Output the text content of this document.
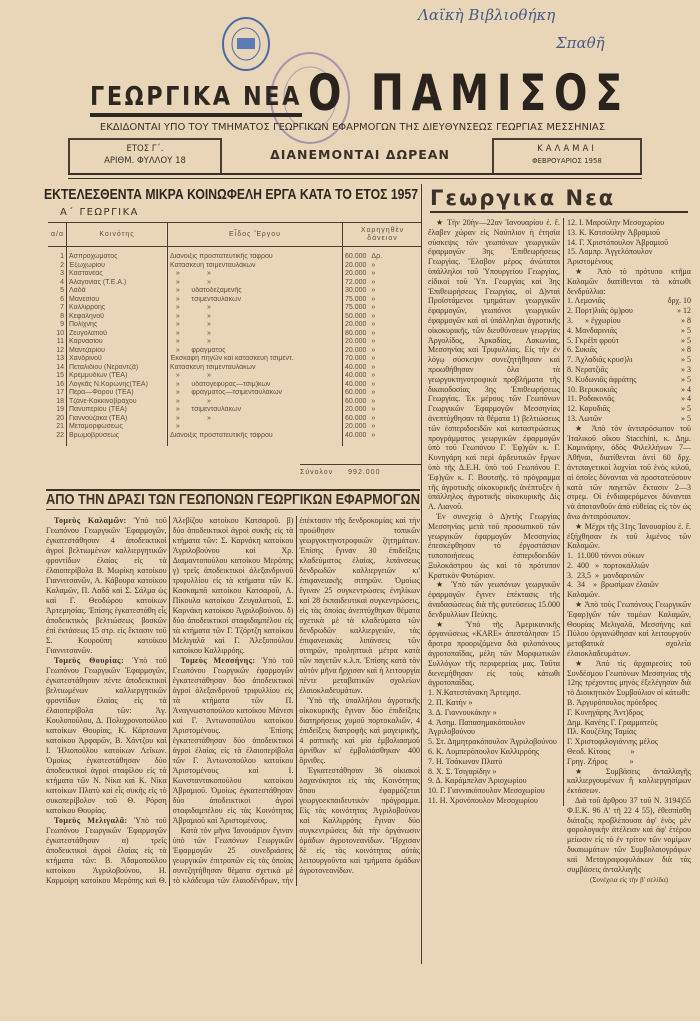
Λαϊκὴ Βιβλιοθήκη
Σπαθῆ
ΓΕΩΡΓΙΚΑ ΝΕΑ Ο ΠΑΜΙΣΟΣ
ΕΚΔΙΔΟΝΤΑΙ ΥΠΟ ΤΟΥ ΤΜΗΜΑΤΟΣ ΓΕΩΡΓΙΚΩΝ ΕΦΑΡΜΟΓΩΝ ΤΗΣ ΔΙΕΥΘΥΝΣΕΩΣ ΓΕΩΡΓΙΑΣ ΜΕΣΣΗΝΙΑΣ
ΕΤΟΣ Γ΄.
ΑΡΙΘΜ. ΦΥΛΛΟΥ 18
ΚΑΛΑΜΑΙ
ΦΕΒΡΟΥΑΡΙΟΣ 1958
ΔΙΑΝΕΜΟΝΤΑΙ ΔΩΡΕΑΝ
ΕΚΤΕΛΕΣΘΕΝΤΑ ΜΙΚΡΑ ΚΟΙΝΩΦΕΛΗ ΕΡΓΑ ΚΑΤΑ ΤΟ ΕΤΟΣ 1957
Α΄ ΓΕΩΡΓΙΚΑ
α/α	Κοινότης	Εἶδος Ἔργου	Χορηγηθὲν δάνειον

1	Ἀσπροχώματος	Διάνοιξις προστατευτικῆς τάφρου	60.000 Δρ.
2	Ἐξωχωρίου	Κατασκευὴ τσιμενταυλάκων	20.000 »
3	Καστανέας	»              »	20.000 »
4	Ἀλαγονίας (Τ.Ε.Α.)	»              »	72.000 »
5	Λαδᾶ	»      ὑδατοδεξαμενῆς	30.000 »
6	Μανεσίου	»      τσιμενταυλάκων	75.000 »
7	Καλλιρρόης	»              »	75.000 »
8	Κεφαληνοῦ	»              »	50.000 »
9	Πολίχνης	»              »	20.000 »
10	Ζευγολατιοῦ	»              »	80.000 »
11	Καρνασίου	»              »	20.000 »
12	Μαντζαρίου	»      φράγματος	20.000 »
13	Χανδρινοῦ	Ἐκσκαφὴ πηγῶν καὶ κατασκευὴ τσιμεντ.	70.000 »
14	Πεταλιδίου (Νεραντζᾶ)	Κατασκευὴ τσιμενταυλάκων	40.000 »
15	Κρεμμυδίων (ΤΕΑ)	»              »	40.000 »
16	Λογκᾶς Ν.Κορώνης(ΤΕΑ)	»      ὑδατογεφύρας—τσιμ)κων	40.000 »
17	Πέρα—Φόρου (ΤΕΑ)	»      φράγματος—τσιμενταυλάκων	60.000 »
18	Τζάνε-Κοκκινοβράχου	»              »	60.000 »
19	Πανυπερίου (ΤΕΑ)	»      τσιμενταυλάκων	20.000 »
20	Γιαννούζακα (ΤΕΑ)	»              »	60.000 »
21	Μεταμορφώσεως	»	20.000 »
22	Βρωμοβρύσεως	Διάνοιξις προστατευτικῆς τάφρου	40.000 »

Σύνολον 992.000
ΑΠΟ ΤΗΝ ΔΡΑΣΙ ΤΩΝ ΓΕΩΠΟΝΩΝ ΓΕΩΡΓΙΚΩΝ ΕΦΑΡΜΟΓΩΝ

Τομεὺς Καλαμῶν: Ὑπὸ τοῦ Γεωπόνου Γεωργικῶν Ἐφαρμογῶν, ἐγκατεστάθησαν 4 ἀποδεικτικοὶ ἀγροὶ βελτιωμένων καλλιεργητικῶν φροντίδων ἐλαίας εἰς τὰ ἐλαιοπερίβολα Β. Μωρίκη κατοίκου Γιαννιτσανῶν, Α. Κάβουρα κατοίκου Καλαμῶν, Π. Λαδᾶ καὶ Σ. Σάλμα ὡς καὶ Γ. Θεοδώρου κατοίκων Ἀρτεμησίας. Ἐπίσης ἐγκατεστάθη εἷς ἀποδεικτικὸς βελτιώσεως βοσκῶν ἐπὶ ἐκτάσεως 15 στρ. εἰς ἔκτασιν τοῦ Σ. Κουρούπη κατοίκου Γιαννιτσανῶν.

Τομεὺς Θουρίας: Ὑπὸ τοῦ Γεωπόνου Γεωργικῶν Ἐφαρμογῶν, ἐγκατεστάθησαν πέντε ἀποδεικτικοὶ βελτιωμένων καλλιεργητικῶν φροντίδων ἐλαίας εἰς τὰ ἐλαιοπερίβολα τῶν: Ἀγ. Κουλοπούλου, Δ. Πολυχρονοπούλου κατοίκων Θουρίας, Κ. Κάρτσωνα κατοίκου Ἀρφαρῶν, Β. Χάντζου καὶ Ι. Ἠλιοπούλου κατοίκων Λεΐκων. Ὁμοίως ἐγκατεστάθησαν δύο ἀποδεικτικοὶ ἀγροὶ σταφίλου εἰς τὰ κτήματα τῶν Ν. Νίκα καὶ Κ. Νίκα κατοίκων Πλατὺ καὶ εἷς συκῆς εἰς τὸ συκοπερίβολον τοῦ Θ. Ρόρση κατοίκου Θουρίας.

Τομεὺς Μελιγαλᾶ: Ὑπὸ τοῦ Γεωπόνου Γεωργικῶν Ἐφαρμογῶν ἐγκατεστάθησαν α) τρεῖς ἀποδεικτικοὶ ἀγροὶ ἐλαίας εἰς τὰ κτήματα τῶν: Β. Ἀδαμοπούλου κατοίκου Ἀγριλοβούνου, Η. Καρμοίρη κατοίκου Μερόπης καὶ Θ. Ἀλεβίζου κατοίκου Κατσαροῦ. β) δύο ἀποδεικτικοὶ ἀγροὶ συκῆς εἰς τὰ κτήματα τῶν: Σ. Καρνάκη κατοίκου Ἀγριλοβούνου καὶ Χρ. Διαμαντοπούλου κατοίκου Μερόπης γ) τρεῖς ἀποδεικτικοὶ ἀλεξανδρινοῦ τριφυλλίου εἰς τὰ κτήματα τῶν Κ. Κασκαμπᾶ κατοίκου Κατσαροῦ, Α. Πίκουλα κατοίκου Ζευγαλατιοῦ, Σ. Καρνάκη κατοίκου Ἀγριλοβούνου. δ) δύο ἀποδεικτικοὶ σταφιδαμπέλου εἰς τὰ κτήματα τῶν Γ. Τζόρτζη κατοίκου Μελιγαλᾶ καὶ Γ. Ἀλεξοπούλου κατοίκου Καλλιρρόης.

Τομεὺς Μεσσήνης: Ὑπὸ τοῦ Γεωπόνου Γεωργικῶν ἐφαρμογῶν ἐγκατεστάθησαν δύο ἀποδεικτικοὶ ἀγροὶ ἀλεξανδρινοῦ τριφυλλίου εἰς τὰ κτήματα τῶν Π. Ἀναγνωστοπούλου κατοίκου Μάνεσι καὶ Γ. Ἀντωνοπούλου κατοίκου Ἀριστομένους. Ἐπίσης ἐγκατεστάθησαν δύο ἀποδεικτικοὶ ἀγροὶ ἐλαίας εἰς τὰ ἐλαιοπερίβολα τῶν Γ. Ἀντωνοπούλου κατοίκου Ἀριστομένους καὶ Ι. Κωνσταντακοπούλου κατοίκου Ἀβραμιοῦ. Ὁμοίως ἐγκατεστάθησαν δύο ἀποδεικτικοὶ ἀγροὶ σταφιδαμπέλου εἰς τὰς Κοινότητας Ἀβραμιοῦ καὶ Ἀριστομένους.

Κατὰ τὸν μῆνα Ἰανουάριον ἔγιναν ὑπὸ τῶν Γεωπόνων Γεωργικῶν Ἐφαρμογῶν 25 συνεδριάσεις γεωργικῶν ἐπιτροπῶν εἰς τὰς ὁποίας συνεζητήθησαν θέματα σχετικὰ μὲ τὸ κλάδευμα τῶν ἐλαιοδένδρων, τὴν ἐπέκτασιν τῆς δενδροκομίας καὶ τὴν προώθησιν τοπικῶν γεωργοκτηνοτροφικῶν ζητημάτων. Ἐπίσης ἔγιναν 30 ἐπιδείξεις κλαδεύματος ἐλαίας, λιπάνσεως δενδρωδῶν καλλιεργειῶν κι' ἐπιφανειακῆς σιτηρῶν. Ὁμοίως ἔγιναν 25 συγκεντρώσεις ἐνηλίκων καὶ 28 ἐκπαιδευτικαὶ συγκεντρώσεις, εἰς τὰς ὁποίας ἀνεπτύχθηκαν θέματα σχετικὰ μὲ τὰ κλαδεύματα τῶν δενδρωδῶν καλλιεργειῶν, τὰς ἐπιφανειακὰς λιπάνσεις τῶν σιτηρῶν, προληπτικὰ μέτρα κατὰ τῶν παγετῶν κ.λ.π. Ἐπίσης κατὰ τὸν αὐτὸν μῆνα ἤρχισαν καὶ ἡ λειτουργία πέντε μεταβατικῶν σχολείων ἐλαιοκλαδευμάτων.

Ὑπὸ τῆς ὑπαλλήλου ἀγροτικῆς οἰκοκυρικῆς ἔγιναν δύο ἐπιδείξεις διατηρήσεως χυμοῦ πορτοκαλιῶν, 4 ἐπιδείξεις διατροφῆς καὶ μαγειρικῆς, 4 ραπτικῆς καὶ μία ἐμβολιασμοῦ ὀρνίθων κι' ἐμβολιάσθηκαν 400 ὄρνιθες.

Ἐγκατεστάθησαν 36 οἰκιακοὶ λαχανόκηποι εἰς τὰς Κοινότητας ὅπου ἐφαρμόζεται γεωργοεκπαιδευτικὸν πρόγραμμα. Εἰς τὰς κοινότητας Ἀγριλοβούνου καὶ Καλλιρρόης ἔγιναν δύο συγκεντρώσεις διὰ τὴν ὀργάνωσιν ὁμάδων ἀγροτονεανίδων. Ἤρχισαν δὲ εἰς τὰς κοινότητας αὐτὰς λειτουργοῦντα καὶ τμήματα ὁμάδων ἀγροτονεανίδων.

Γεωργικα Νεα

★ Τὴν 20ὴν—22αν Ἰανουαρίου ἐ. ἔ. ἔλαβεν χώραν εἰς Ναύπλιον ἡ ἐτησία σύσκεψις τῶν γεωπόνων γεωργικῶν ἐφαρμογῶν 3ης Ἐπιθεωρήσεως Γεωργίας. Ἔλαβον μέρος ἀνώτατοι ὑπάλληλοι τοῦ Ὑπουργείου Γεωργίας, εἰδικοὶ τοῦ Ὑπ. Γεωργίας καὶ 3ης Ἐπιθεωρήσεως Γεωργίας, οἱ Δ)νταὶ Προϊστάμενοι τμημάτων γεωργικῶν ἐφαρμογῶν, γεωπόνοι γεωργικῶν ἐφαρμογῶν καὶ αἱ ὑπάλληλαι ἀγροτικῆς οἰκοκυρικῆς, τῶν διευθύνσεων γεωργίας Ἀργολίδος, Ἀρκαδίας, Λακωνίας, Μεσσηνίας καὶ Τριφυλλίας. Εἰς τὴν ἐν λόγῳ σύσκεψιν συνεζητήθησαν καὶ προωθήθησαν ὅλα τὰ γεωργοκτηνοτροφικὰ προβλήματα τῆς δικαιοδοσίας 3ης Ἐπιθεωρήσεως Γεωργίας. Ἐκ μέρους τῶν Γεωπόνων Γεωργικῶν Ἐφαρμογῶν Μεσσηνίας ἀνεπτύχθησαν τὰ θέματα 1) βελτιώσεως τῶν ἐσπεριδοειδῶν καὶ καταστρώσεως προγράμματος γεωργικῶν ἐφαρμογῶν ὑπὸ τοῦ Γεωπόνου Γ. Ἐφ)γῶν κ. Γ. Κυνηγάρη καὶ περὶ ἀρδευτικῶν ἔργων ὑπὸ τῆς Δ.Ε.Η. ὑπὸ τοῦ Γεωπόνου Γ. Ἐφ)γῶν κ. Γ. Βουτσῆς. τὸ πρόγραμμα τῆς ἀγροτικῆς οἰκοκυρικῆς ἀνέπτυξεν ἡ ὑπάλληλος ἀγροτικῆς οἰκοκυρικῆς Δὶς Α. Λιανοῦ.

Ἐν συνεχείᾳ ὁ Δ)ντὴς Γεωργίας Μεσσηνίας μετὰ τοῦ προσωπικοῦ τῶν γεωργικῶν ἐφαρμογῶν Μεσσηνίας ἐπεσκέφθησαν τὸ ἐργοστάσιον τυποποιήσεως ἐσπεριδοειδῶν Ξυλοκάστρου ὡς καὶ τὸ πρότυπον Κρατικὸν Φυτώριον.

★ Ὑπὸ τῶν γεωπόνων γεωργικῶν ἐφαρμογῶν ἔγινεν ἐπέκτασις τῆς ἀναδασώσεως διὰ τῆς φυτεύσεως 15.000 δενδρυλλίων Πεύκης.

★ Ὑπὸ τῆς Ἀμερικανικῆς ὀργανώσεως «KARE» ἀπεστάλησαν 15 ἄροτρα προοριζόμενα διὰ φιλοπόνους ἀγροτοπαῖδας, μέλη τῶν Μορφωτικῶν Συλλόγων τῆς περιφερείας μας. Ταῦτα διενεμήθησαν εἰς τοὺς κάτωθι ἀγροτοπαῖδας.

1. Ν.Κατεστάνακη Ἀρτεμησ.
2. Π. Κατὴν »
3. Δ. Γιαννουκάκην »
4. Ἀσημ. Παπασημακόπουλον Ἀγριλοβούνου
5. Στ. Δημητρακόπουλον Ἀγριλοβούνου
6. Κ. Λυμπερόπουλον Καλλιρρόης
7. Η. Τσάκωναν Πλατὺ
8. Χ. Σ. Τσιγαρίδην »
9. Δ. Καράμπελαν Ἀριοχωρίου
10. Γ. Γιαννακόπουλον Μεσοχωρίου
11. Η. Χρονόπουλον Μεσοχωρίου
12. Ι. Μαρούλην Μεσοχωρίου
13. Κ. Κατσούλην Ἀβραμιοῦ
14. Γ. Χριστόπουλον Ἀβραμιοῦ
15. Λαμπρ. Ἀγγελόπουλον Ἀριστομένους

★ Ἀπὸ τὸ πρότυπο κτῆμα Καλαμῶν διατίθενται τὰ κάτωθι δενδρύλλια:

1. Λεμονιᾶς	δρχ. 10
2. Πορτ)λιᾶς ὀμ)ρου	» 12
3.      » ἐγχωρίου	» 8
4. Μανδαρινιᾶς	» 5
5. Γκρέϊπ φρούτ	» 5
6. Συκιᾶς	» 8
7. Ἀχλαδιᾶς κρυσ)λι	» 5
8. Νερατζιᾶς	» 3
9. Κυδωνιᾶς ἀφράτης	» 5
10. Βερυκοκιᾶς	» 4
11. Ροδακινιᾶς	» 4
12. Καρυδιᾶς	» 5
13. Λωτῶν	» 5

★ Ἀπὸ τὸν ἀντιπρόσωπον τοῦ Ἰταλικοῦ οἴκου Stacchini, κ. Δημ. Καμινάρην, ὁδὸς Φιλελλήνων 7—Ἀθῆναι, διατίθενται ἀντὶ 60 δρχ. ἀντιπαγετικοὶ λυχνίαι τοῦ ἑνὸς κιλοῦ, αἱ ὁποῖες δύνανται νὰ προστατεύσουν κατὰ τῶν παγετῶν ἔκτασιν 2—3 στρεμ. Οἱ ἐνδιαφερόμενοι δύνανται νὰ ἀποτανθοῦν ἀπὸ εὐθείας εἰς τὸν ὡς ἄνω ἀντιπρόσωπον.

★ Μέχρι τῆς 31ης Ἰανουαρίου ἐ. ἔ. ἐξήχθησαν ἐκ τοῦ λιμένος τῶν Καλαμῶν.

1.  11.000 τόννοι σύκων
2.  400   »  πορτοκαλλιῶν
3.  23,5  »  μανδαρινιῶν
4.  34    »  βρωσίμων ἐλαιῶν Καλαμῶν.

★ Ἀπὸ τοὺς Γεωπόνους Γεωργικῶν Ἐφαρ)γῶν τῶν τομέων Καλαμῶν, Θουρίας Μελιγαλᾶ, Μεσσήνης καὶ Πύλου ὀργανώθησαν καὶ λειτουργοῦν μεταβατικὰ σχολεῖα ἐλαιοκλαδευμάτων.

★ Ἀπὸ τὶς ἀρχαιρεσίες τοῦ Συνδέσμου Γεωπόνων Μεσσηνίας τῆς 12ης τρέχοντος μηνὸς ἐξελέγησαν διὰ τὸ Διοικητικὸν Συμβούλιον οἱ κάτωθι:

Β. Ἀργυρόπουλος πρόεδρος
Γ. Κυνηγάρης Ἀντ)δρος
Δημ. Κανέης Γ. Γραμματεὺς
Πλ. Κουζέλης Ταμίας
Γ. Χριστοφιλογιάννης μέλος
Θεοδ. Κίτσος          »
Γρηγ. Ζήρος           »

★ Συμβάσεις ἀνταλλαγῆς καλλιεργουμένων ἢ καλλιεργησίμων ἐκτάσεων.

Διὰ τοῦ ἄρθρου 37 τοῦ Ν. 3194)55 Φ.Ε.Κ. 96 Α' τῆ 22 4 55), ἐθεσπίσθη διάταξις προβλέπουσα ἀφ' ἑνὸς μὲν φορολογικὴν ἀτέλειαν καὶ ἀφ' ἑτέρου μείωσιν εἰς τὸ ἐν τρίτον τῶν νομίμων δικαιωμάτων τῶν Συμβολαιογράφων καὶ Μεταγραφοφυλάκων διὰ τὰς συμβάσεις ἀνταλλαγῆς

(Συνέχεια εἰς τὴν β' σελίδα)
